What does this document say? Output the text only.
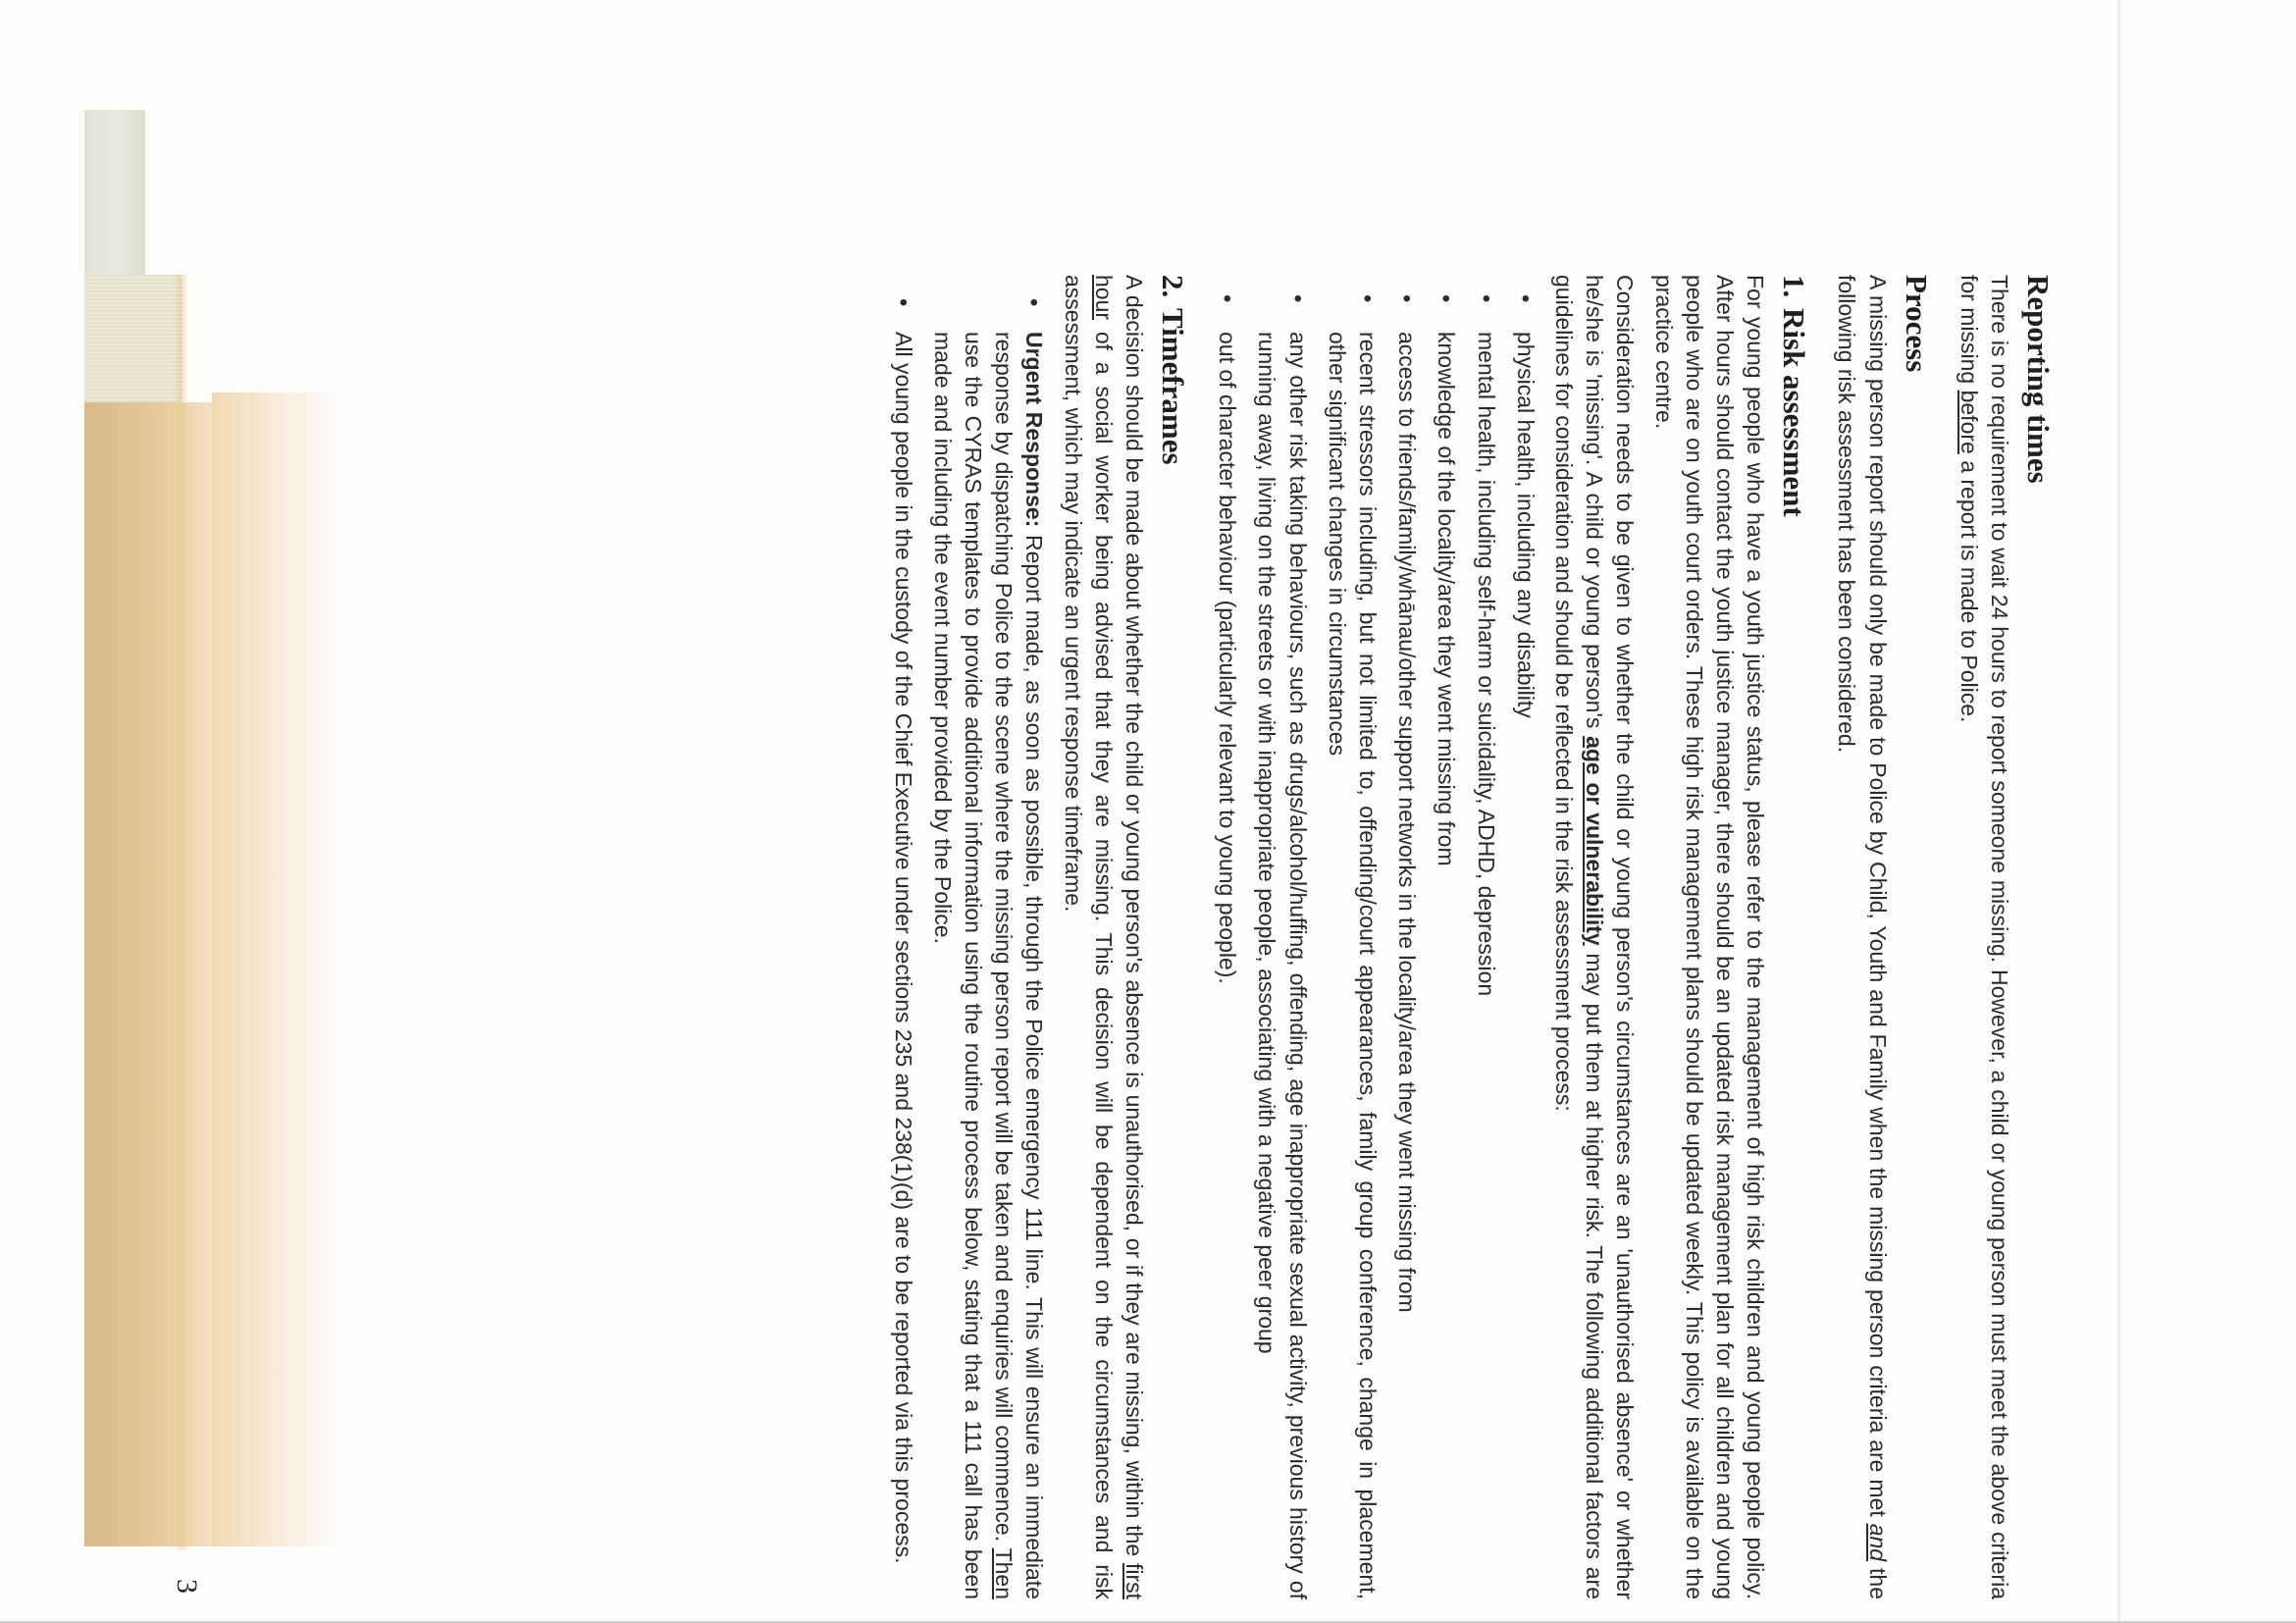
Reporting times

There is no requirement to wait 24 hours to report someone missing. However, a child or young person must meet the above criteria for missing before a report is made to Police.

Process

A missing person report should only be made to Police by Child, Youth and Family when the missing person criteria are met and the following risk assessment has been considered.

1.Risk assessment

For young people who have a youth justice status, please refer to the management of high risk children and young people policy. After hours should contact the youth justice manager, there should be an updated risk management plan for all children and young people who are on youth court orders. These high risk management plans should be updated weekly. This policy is available on the practice centre.

Consideration needs to be given to whether the child or young person's circumstances are an 'unauthorised absence' or whether he/she is 'missing'. A child or young person's age or vulnerability may put them at higher risk. The following additional factors are guidelines for consideration and should be reflected in the risk assessment process:

• physical health, including any disability
• mental health, including self-harm or suicidality, ADHD, depression
• knowledge of the locality/area they went missing from
• access to friends/family/whānau/other support networks in the locality/area they went missing from
• recent stressors including, but not limited to, offending/court appearances, family group conference, change in placement, other significant changes in circumstances
• any other risk taking behaviours, such as drugs/alcohol/huffing, offending, age inappropriate sexual activity, previous history of running away, living on the streets or with inappropriate people, associating with a negative peer group
• out of character behaviour (particularly relevant to young people).
2.Timeframes

A decision should be made about whether the child or young person's absence is unauthorised, or if they are missing, within the first hour of a social worker being advised that they are missing. This decision will be dependent on the circumstances and risk assessment, which may indicate an urgent response timeframe.

• Urgent Response: Report made, as soon as possible, through the Police emergency 111 line. This will ensure an immediate response by dispatching Police to the scene where the missing person report will be taken and enquiries will commence. Then use the CYRAS templates to provide additional information using the routine process below, stating that a 111 call has been made and including the event number provided by the Police.
• All young people in the custody of the Chief Executive under sections 235 and 238(1)(d) are to be reported via this process.
3
